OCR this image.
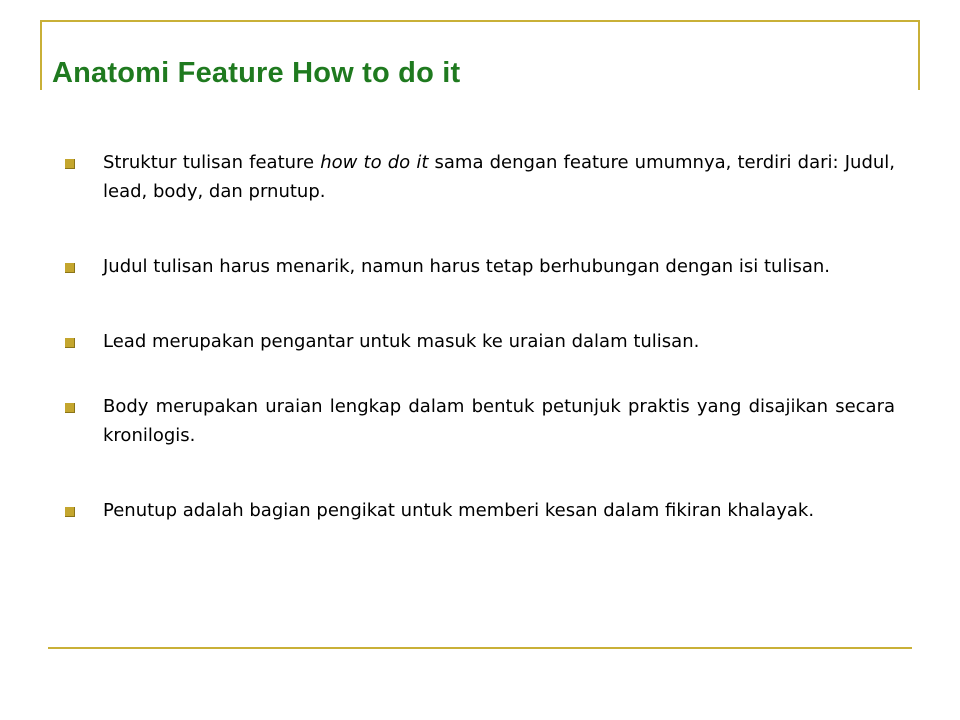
Anatomi Feature How to do it
Struktur tulisan feature how to do it sama dengan feature umumnya, terdiri dari: Judul, lead, body, dan prnutup.
Judul tulisan harus menarik, namun harus tetap berhubungan dengan isi tulisan.
Lead merupakan pengantar untuk masuk ke uraian dalam tulisan.
Body merupakan uraian lengkap dalam bentuk petunjuk praktis yang disajikan secara kronilogis.
Penutup adalah bagian pengikat untuk memberi kesan dalam fikiran khalayak.
